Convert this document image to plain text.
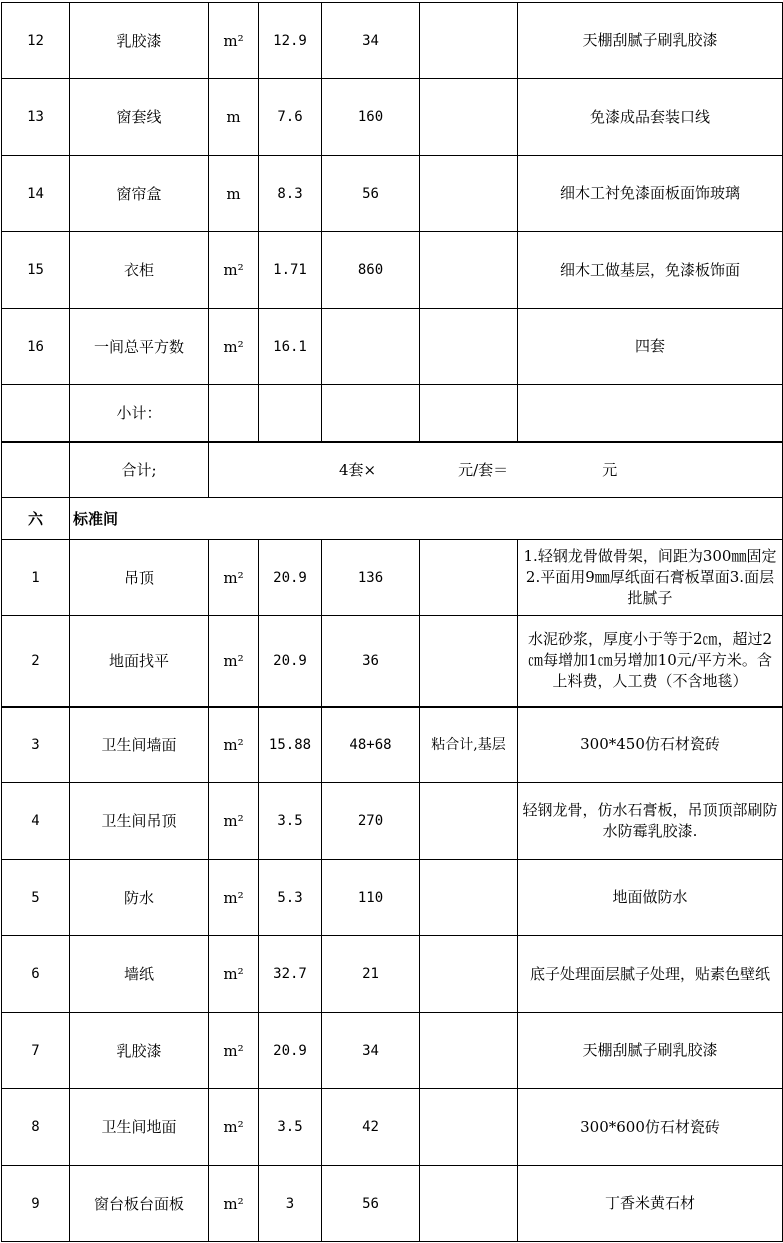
12	乳胶漆	m²	12.9	34		天棚刮腻子刷乳胶漆
13	窗套线	m	7.6	160		免漆成品套装口线
14	窗帘盒	m	8.3	56		细木工衬免漆面板面饰玻璃
15	衣柜	m²	1.71	860		细木工做基层，免漆板饰面
16	一间总平方数	m²	16.1			四套
	小计：					
	合计;	4套× 元/套＝ 元				
六	标准间					
1	吊顶	m²	20.9	136		1.轻钢龙骨做骨架，间距为300㎜固定2.平面用9㎜厚纸面石膏板罩面3.面层批腻子
2	地面找平	m²	20.9	36		水泥砂浆，厚度小于等于2㎝，超过2㎝每增加1㎝另增加10元/平方米。含上料费，人工费（不含地毯）
3	卫生间墙面	m²	15.88	48+68	粘合计,基层	300*450仿石材瓷砖
4	卫生间吊顶	m²	3.5	270		轻钢龙骨，仿水石膏板，吊顶顶部刷防水防霉乳胶漆.
5	防水	m²	5.3	110		地面做防水
6	墙纸	m²	32.7	21		底子处理面层腻子处理，贴素色壁纸
7	乳胶漆	m²	20.9	34		天棚刮腻子刷乳胶漆
8	卫生间地面	m²	3.5	42		300*600仿石材瓷砖
9	窗台板台面板	m²	3	56		丁香米黄石材
